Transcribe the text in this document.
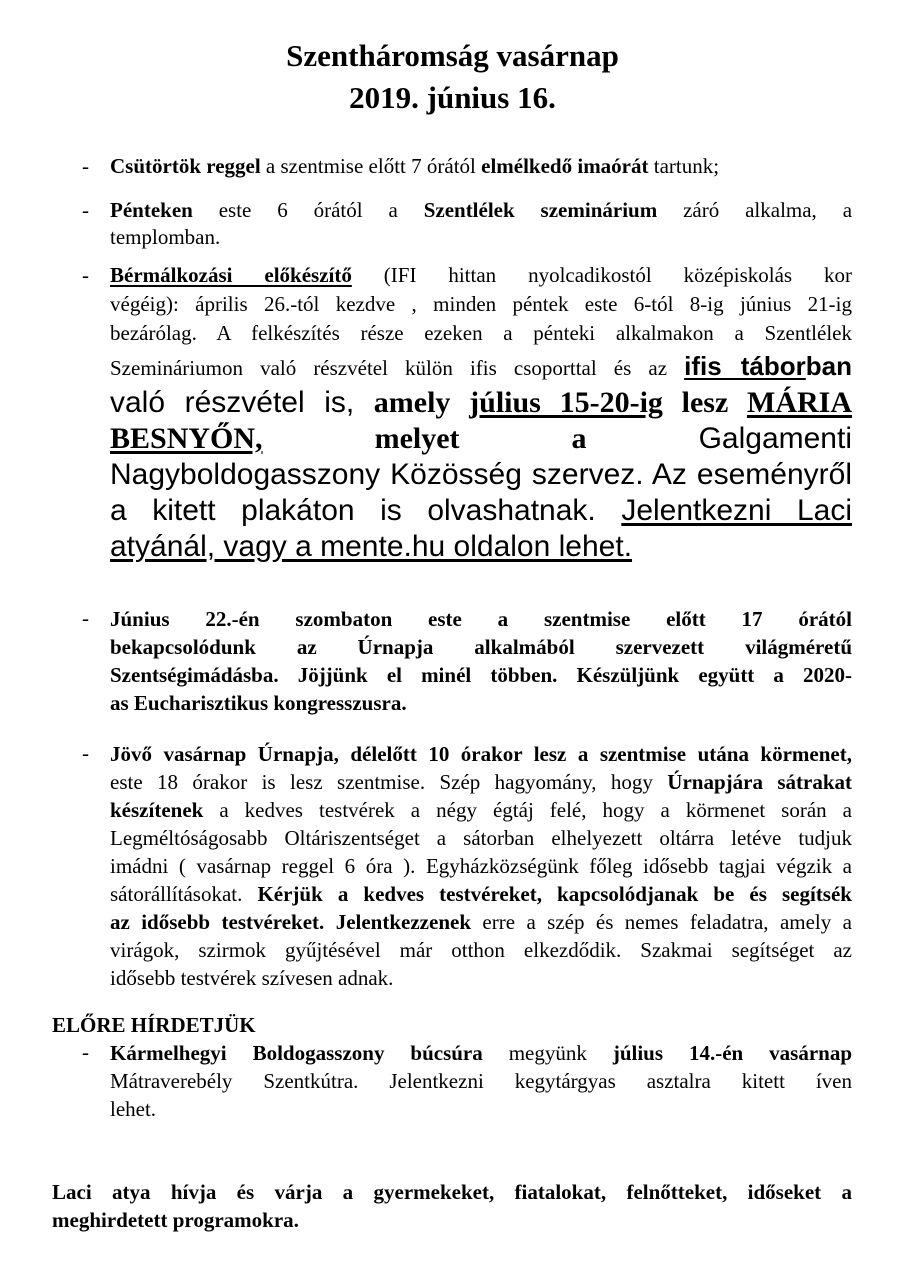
Szentháromság vasárnap
2019. június 16.
- Csütörtök reggel a szentmise előtt 7 órától elmélkedő imaórát tartunk;
- Pénteken este 6 órától a Szentlélek szeminárium záró alkalma, a
templomban.
- Bérmálkozási előkészítő (IFI hittan nyolcadikostól középiskolás kor
végéig): április 26.-tól kezdve , minden péntek este 6-tól 8-ig június 21-ig
bezárólag. A felkészítés része ezeken a pénteki alkalmakon a Szentlélek
Szemináriumon való részvétel külön ifis csoporttal és az ifis táborban
való részvétel is, amely július 15-20-ig lesz MÁRIA
BESNYŐN, melyet a Galgamenti
Nagyboldogasszony Közösség szervez. Az eseményről
a kitett plakáton is olvashatnak. Jelentkezni Laci
atyánál, vagy a mente.hu oldalon lehet.
- Június 22.-én szombaton este a szentmise előtt 17 órától
bekapcsolódunk az Úrnapja alkalmából szervezett világméretű
Szentségimádásba. Jöjjünk el minél többen. Készüljünk együtt a 2020-
as Eucharisztikus kongresszusra.
- Jövő vasárnap Úrnapja, délelőtt 10 órakor lesz a szentmise utána körmenet,
este 18 órakor is lesz szentmise. Szép hagyomány, hogy Úrnapjára sátrakat
készítenek a kedves testvérek a négy égtáj felé, hogy a körmenet során a
Legméltóságosabb Oltáriszentséget a sátorban elhelyezett oltárra letéve tudjuk
imádni ( vasárnap reggel 6 óra ). Egyházközségünk főleg idősebb tagjai végzik a
sátorállításokat. Kérjük a kedves testvéreket, kapcsolódjanak be és segítsék
az idősebb testvéreket. Jelentkezzenek erre a szép és nemes feladatra, amely a
virágok, szirmok gyűjtésével már otthon elkezdődik. Szakmai segítséget az
idősebb testvérek szívesen adnak.
ELŐRE HÍRDETJÜK
- Kármelhegyi Boldogasszony búcsúra megyünk július 14.-én vasárnap
Mátraverebély Szentkútra. Jelentkezni kegytárgyas asztalra kitett íven
lehet.
Laci atya hívja és várja a gyermekeket, fiatalokat, felnőtteket, időseket a
meghirdetett programokra.
